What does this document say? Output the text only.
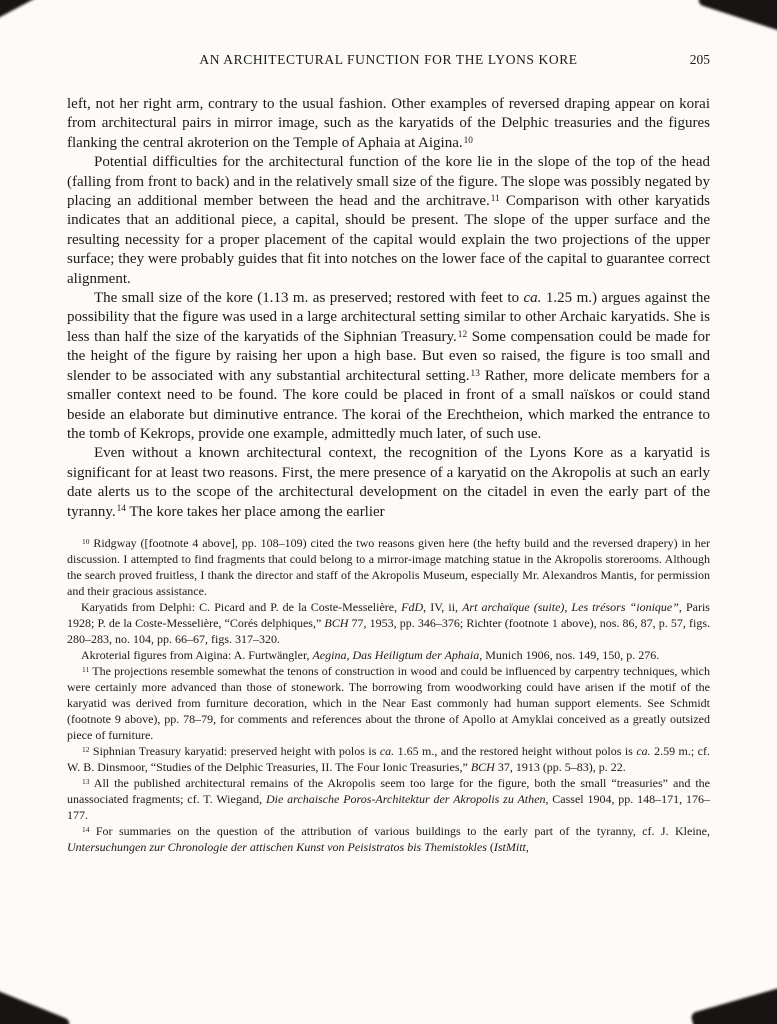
AN ARCHITECTURAL FUNCTION FOR THE LYONS KORE	205

left, not her right arm, contrary to the usual fashion. Other examples of reversed draping appear on korai from architectural pairs in mirror image, such as the karyatids of the Delphic treasuries and the figures flanking the central akroterion on the Temple of Aphaia at Aigina.$^{10}$

Potential difficulties for the architectural function of the kore lie in the slope of the top of the head (falling from front to back) and in the relatively small size of the figure. The slope was possibly negated by placing an additional member between the head and the architrave.$^{11}$ Comparison with other karyatids indicates that an additional piece, a capital, should be present. The slope of the upper surface and the resulting necessity for a proper placement of the capital would explain the two projections of the upper surface; they were probably guides that fit into notches on the lower face of the capital to guarantee correct alignment.

The small size of the kore (1.13 m. as preserved; restored with feet to ca. 1.25 m.) argues against the possibility that the figure was used in a large architectural setting similar to other Archaic karyatids. She is less than half the size of the karyatids of the Siphnian Treasury.$^{12}$ Some compensation could be made for the height of the figure by raising her upon a high base. But even so raised, the figure is too small and slender to be associated with any substantial architectural setting.$^{13}$ Rather, more delicate members for a smaller context need to be found. The kore could be placed in front of a small naïskos or could stand beside an elaborate but diminutive entrance. The korai of the Erechtheion, which marked the entrance to the tomb of Kekrops, provide one example, admittedly much later, of such use.

Even without a known architectural context, the recognition of the Lyons Kore as a karyatid is significant for at least two reasons. First, the mere presence of a karyatid on the Akropolis at such an early date alerts us to the scope of the architectural development on the citadel in even the early part of the tyranny.$^{14}$ The kore takes her place among the earlier

$^{10}$ Ridgway ([footnote 4 above], pp. 108–109) cited the two reasons given here (the hefty build and the reversed drapery) in her discussion. I attempted to find fragments that could belong to a mirror-image matching statue in the Akropolis storerooms. Although the search proved fruitless, I thank the director and staff of the Akropolis Museum, especially Mr. Alexandros Mantis, for permission and their gracious assistance.

Karyatids from Delphi: C. Picard and P. de la Coste-Messelière, FdD, IV, ii, Art archaïque (suite), Les trésors “ionique”, Paris 1928; P. de la Coste-Messelière, “Corés delphiques,” BCH 77, 1953, pp. 346–376; Richter (footnote 1 above), nos. 86, 87, p. 57, figs. 280–283, no. 104, pp. 66–67, figs. 317–320.

Akroterial figures from Aigina: A. Furtwängler, Aegina, Das Heiligtum der Aphaia, Munich 1906, nos. 149, 150, p. 276.

$^{11}$ The projections resemble somewhat the tenons of construction in wood and could be influenced by carpentry techniques, which were certainly more advanced than those of stonework. The borrowing from woodworking could have arisen if the motif of the karyatid was derived from furniture decoration, which in the Near East commonly had human support elements. See Schmidt (footnote 9 above), pp. 78–79, for comments and references about the throne of Apollo at Amyklai conceived as a greatly outsized piece of furniture.

$^{12}$ Siphnian Treasury karyatid: preserved height with polos is ca. 1.65 m., and the restored height without polos is ca. 2.59 m.; cf. W. B. Dinsmoor, “Studies of the Delphic Treasuries, II. The Four Ionic Treasuries,” BCH 37, 1913 (pp. 5–83), p. 22.

$^{13}$ All the published architectural remains of the Akropolis seem too large for the figure, both the small “treasuries” and the unassociated fragments; cf. T. Wiegand, Die archaische Poros-Architektur der Akropolis zu Athen, Cassel 1904, pp. 148–171, 176–177.

$^{14}$ For summaries on the question of the attribution of various buildings to the early part of the tyranny, cf. J. Kleine, Untersuchungen zur Chronologie der attischen Kunst von Peisistratos bis Themistokles (IstMitt,
